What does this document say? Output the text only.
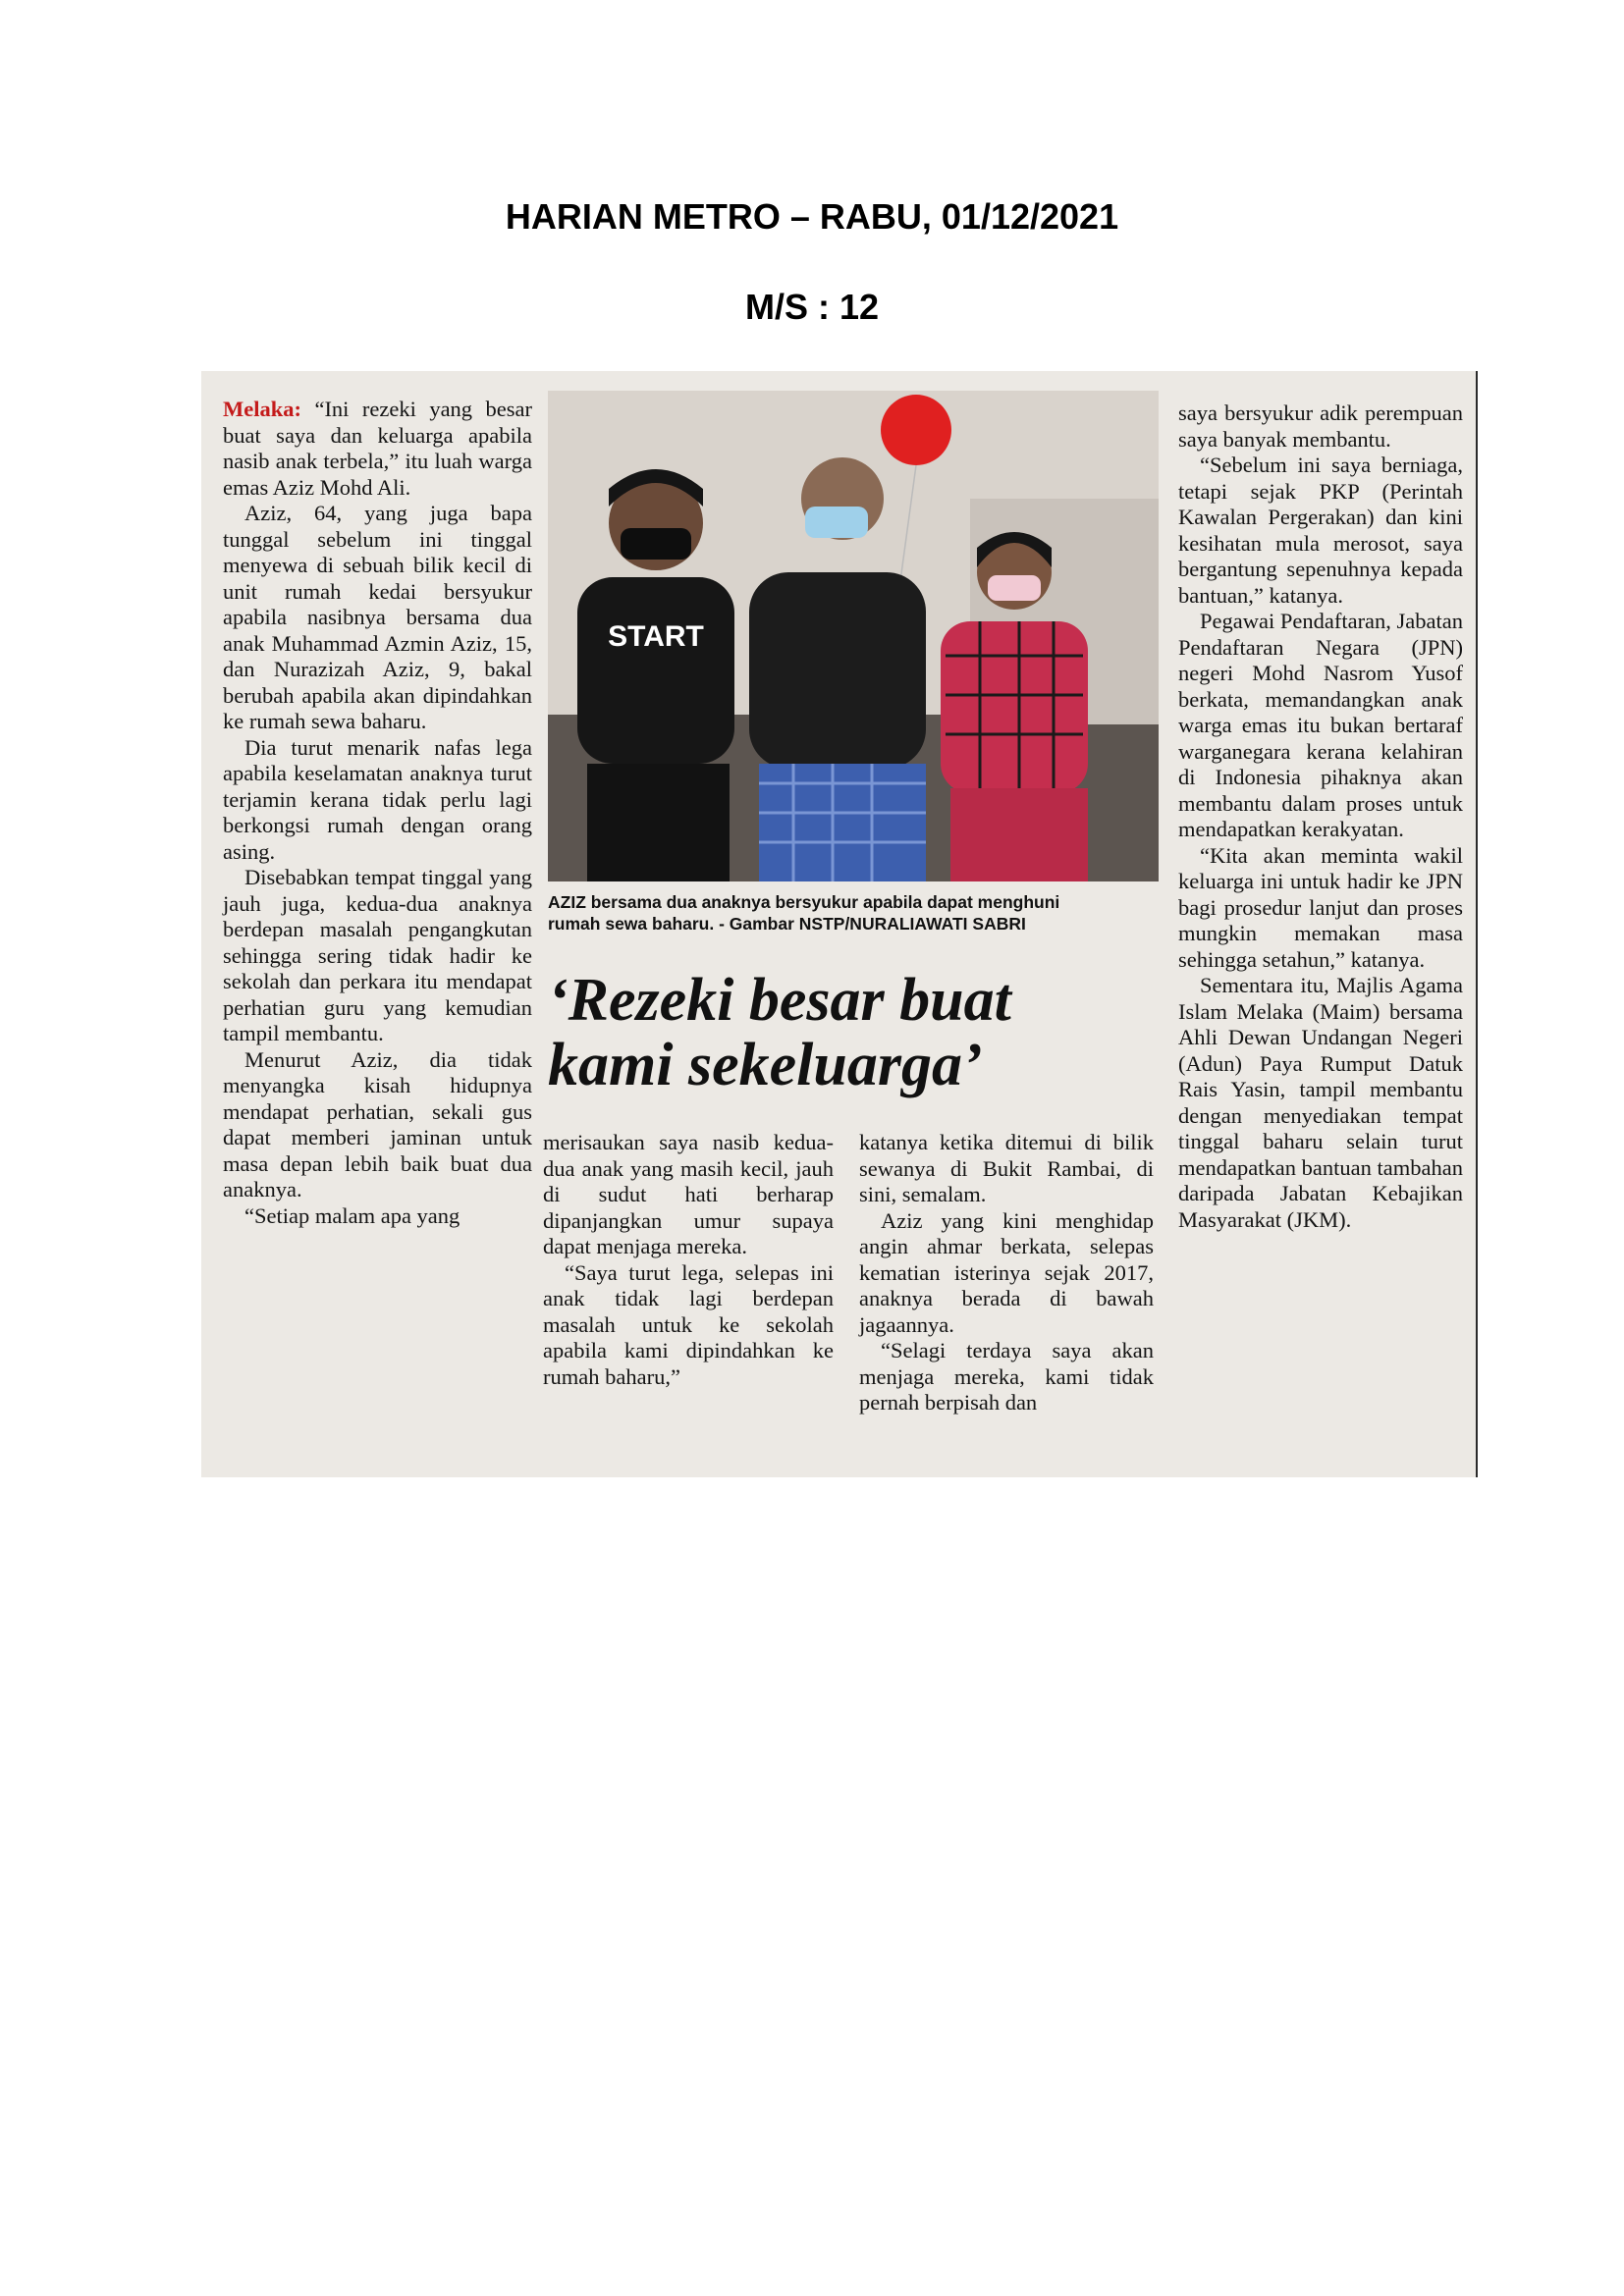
HARIAN METRO – RABU, 01/12/2021
M/S : 12

Melaka: “Ini rezeki yang besar buat saya dan keluarga apabila nasib anak terbela,” itu luah warga emas Aziz Mohd Ali.

Aziz, 64, yang juga bapa tunggal sebelum ini tinggal menyewa di sebuah bilik kecil di unit rumah kedai bersyukur apabila nasibnya bersama dua anak Muhammad Azmin Aziz, 15, dan Nurazizah Aziz, 9, bakal berubah apabila akan dipindahkan ke rumah sewa baharu.

Dia turut menarik nafas lega apabila keselamatan anaknya turut terjamin kerana tidak perlu lagi berkongsi rumah dengan orang asing.

Disebabkan tempat tinggal yang jauh juga, kedua-dua anaknya berdepan masalah pengangkutan sehingga sering tidak hadir ke sekolah dan perkara itu mendapat perhatian guru yang kemudian tampil membantu.

Menurut Aziz, dia tidak menyangka kisah hidupnya mendapat perhatian, sekali gus dapat memberi jaminan untuk masa depan lebih baik buat dua anaknya.

“Setiap malam apa yang

START
AZIZ bersama dua anaknya bersyukur apabila dapat menghuni
rumah sewa baharu. - Gambar NSTP/NURALIAWATI SABRI
‘Rezeki besar buat
kami sekeluarga’

merisaukan saya nasib kedua-dua anak yang masih kecil, jauh di sudut hati berharap dipanjangkan umur supaya dapat menjaga mereka.

“Saya turut lega, selepas ini anak tidak lagi berdepan masalah untuk ke sekolah apabila kami dipindahkan ke rumah baharu,”

katanya ketika ditemui di bilik sewanya di Bukit Rambai, di sini, semalam.

Aziz yang kini menghidap angin ahmar berkata, selepas kematian isterinya sejak 2017, anaknya berada di bawah jagaannya.

“Selagi terdaya saya akan menjaga mereka, kami tidak pernah berpisah dan

saya bersyukur adik perempuan saya banyak membantu.

“Sebelum ini saya berniaga, tetapi sejak PKP (Perintah Kawalan Pergerakan) dan kini kesihatan mula merosot, saya bergantung sepenuhnya kepada bantuan,” katanya.

Pegawai Pendaftaran, Jabatan Pendaftaran Negara (JPN) negeri Mohd Nasrom Yusof berkata, memandangkan anak warga emas itu bukan bertaraf warganegara kerana kelahiran di Indonesia pihaknya akan membantu dalam proses untuk mendapatkan kerakyatan.

“Kita akan meminta wakil keluarga ini untuk hadir ke JPN bagi prosedur lanjut dan proses mungkin memakan masa sehingga setahun,” katanya.

Sementara itu, Majlis Agama Islam Melaka (Maim) bersama Ahli Dewan Undangan Negeri (Adun) Paya Rumput Datuk Rais Yasin, tampil membantu dengan menyediakan tempat tinggal baharu selain turut mendapatkan bantuan tambahan daripada Jabatan Kebajikan Masyarakat (JKM).
